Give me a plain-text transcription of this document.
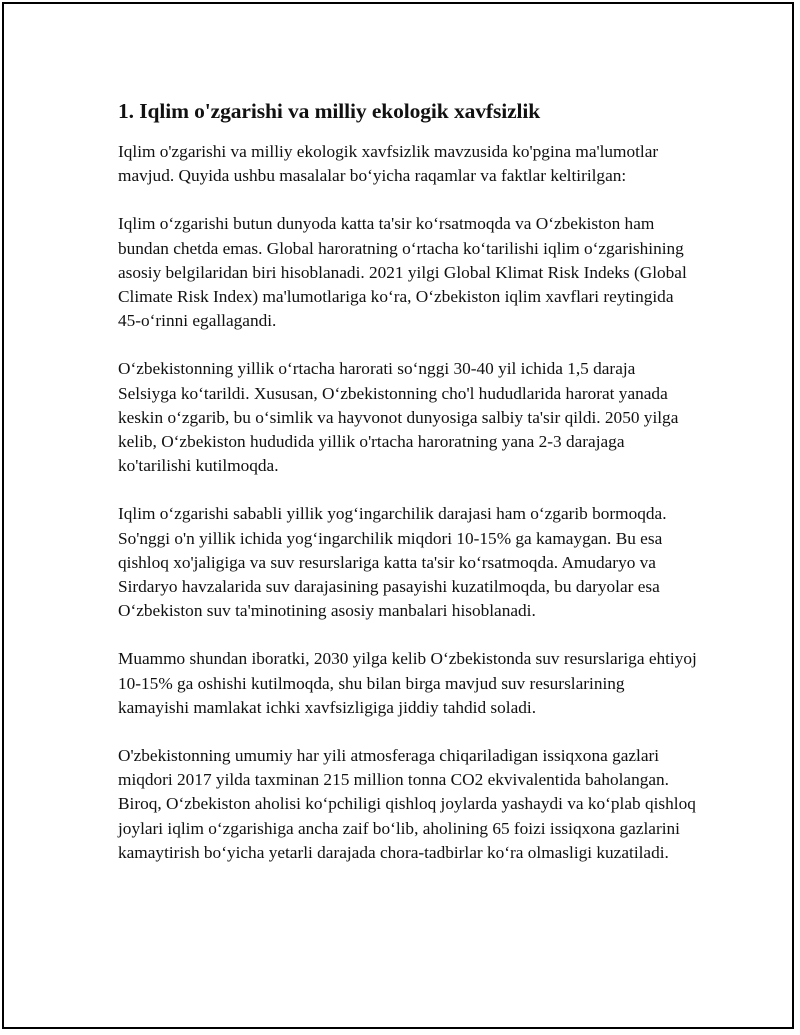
1. Iqlim o'zgarishi va milliy ekologik xavfsizlik

Iqlim o'zgarishi va milliy ekologik xavfsizlik mavzusida ko'pgina ma'lumotlar mavjud. Quyida ushbu masalalar bo‘yicha raqamlar va faktlar keltirilgan:

Iqlim o‘zgarishi butun dunyoda katta ta'sir ko‘rsatmoqda va O‘zbekiston ham bundan chetda emas. Global haroratning o‘rtacha ko‘tarilishi iqlim o‘zgarishining asosiy belgilaridan biri hisoblanadi. 2021 yilgi Global Klimat Risk Indeks (Global Climate Risk Index) ma'lumotlariga ko‘ra, O‘zbekiston iqlim xavflari reytingida 45-o‘rinni egallagandi.

O‘zbekistonning yillik o‘rtacha harorati so‘nggi 30-40 yil ichida 1,5 daraja Selsiyga ko‘tarildi. Xususan, O‘zbekistonning cho'l hududlarida harorat yanada keskin o‘zgarib, bu o‘simlik va hayvonot dunyosiga salbiy ta'sir qildi. 2050 yilga kelib, O‘zbekiston hududida yillik o'rtacha haroratning yana 2-3 darajaga ko'tarilishi kutilmoqda.

Iqlim o‘zgarishi sababli yillik yog‘ingarchilik darajasi ham o‘zgarib bormoqda. So'nggi o'n yillik ichida yog‘ingarchilik miqdori 10-15% ga kamaygan. Bu esa qishloq xo'jaligiga va suv resurslariga katta ta'sir ko‘rsatmoqda. Amudaryo va Sirdaryo havzalarida suv darajasining pasayishi kuzatilmoqda, bu daryolar esa O‘zbekiston suv ta'minotining asosiy manbalari hisoblanadi.

Muammo shundan iboratki, 2030 yilga kelib O‘zbekistonda suv resurslariga ehtiyoj 10-15% ga oshishi kutilmoqda, shu bilan birga mavjud suv resurslarining kamayishi mamlakat ichki xavfsizligiga jiddiy tahdid soladi.

O'zbekistonning umumiy har yili atmosferaga chiqariladigan issiqxona gazlari miqdori 2017 yilda taxminan 215 million tonna CO2 ekvivalentida baholangan. Biroq, O‘zbekiston aholisi ko‘pchiligi qishloq joylarda yashaydi va ko‘plab qishloq joylari iqlim o‘zgarishiga ancha zaif bo‘lib, aholining 65 foizi issiqxona gazlarini kamaytirish bo‘yicha yetarli darajada chora-tadbirlar ko‘ra olmasligi kuzatiladi.
